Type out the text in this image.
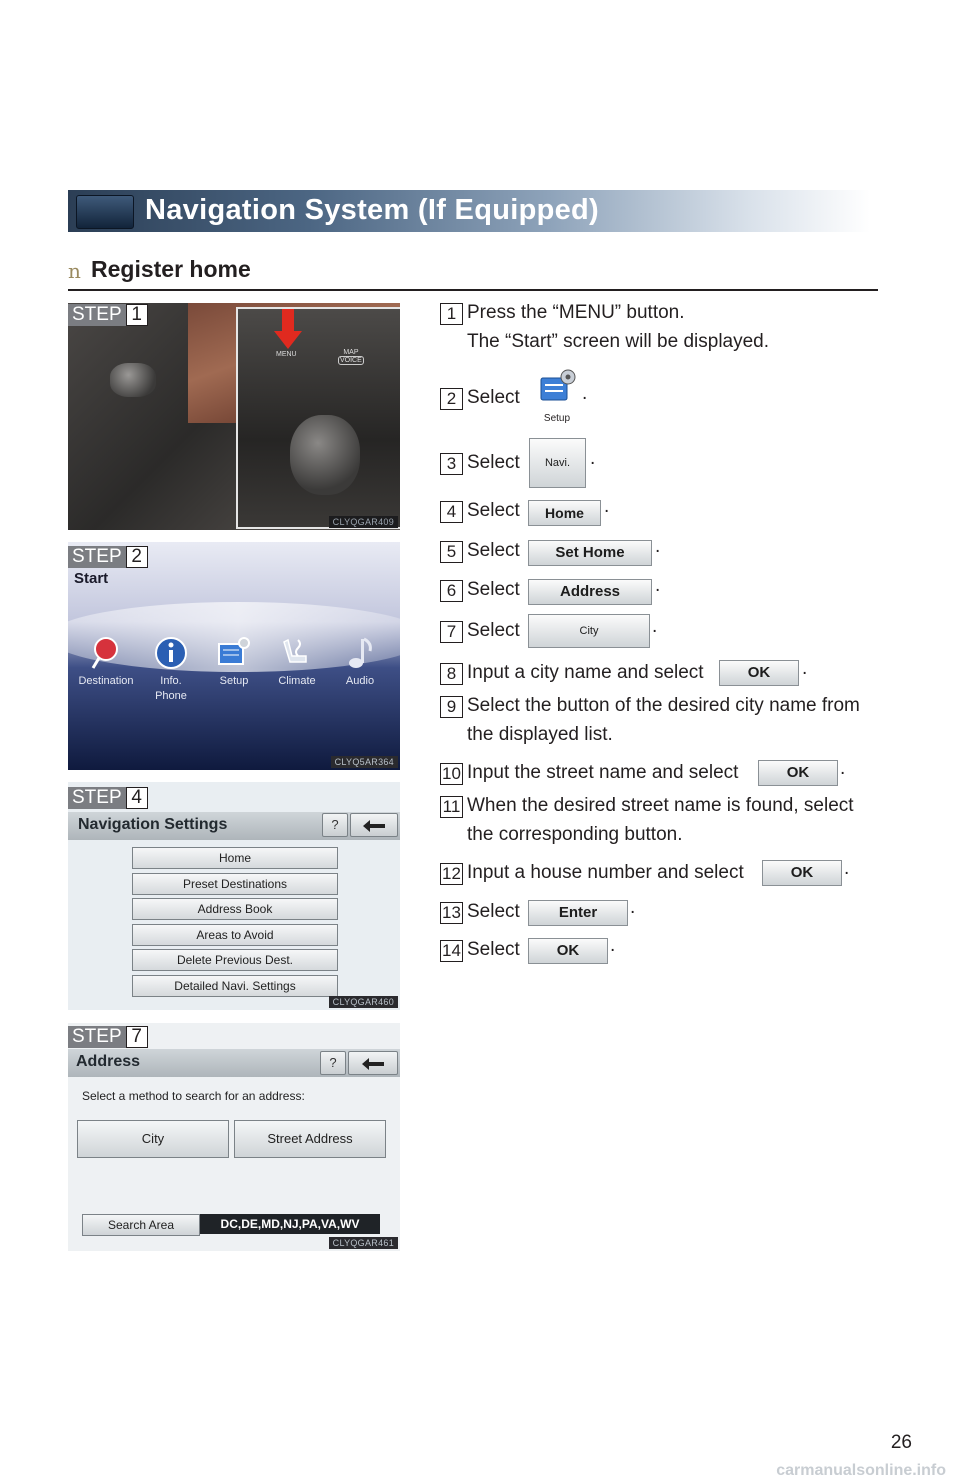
Navigation System (If Equipped)
n Register home
STEP 1
MENU	MAP
VOICE
CLYQGAR409
STEP 2
Start
Destination	Info.
Phone
Setup	Climate	Audio
CLYQ5AR364
STEP 4
Navigation Settings	?
Home
Preset Destinations
Address Book
Areas to Avoid
Delete Previous Dest.
Detailed Navi. Settings
CLYQGAR460
STEP 7
Address	?
Select a method to search for an address:
City	Street Address
Search Area	DC,DE,MD,NJ,PA,VA,WV
CLYQGAR461
1 Press the “MENU” button.
The “Start” screen will be displayed.
2 Select
Setup
.
3 Select	Navi.	.
4 Select	Home	.
5 Select	Set Home	.
6 Select	Address	.
7 Select	City	.
8 Input a city name and select	OK	.
9 Select the button of the desired city name from
the displayed list.
10 Input the street name and select	OK	.
11 When the desired street name is found, select
the corresponding button.
12 Input a house number and select	OK	.
13 Select	Enter	.
14 Select	OK	.
26
carmanualsonline.info
